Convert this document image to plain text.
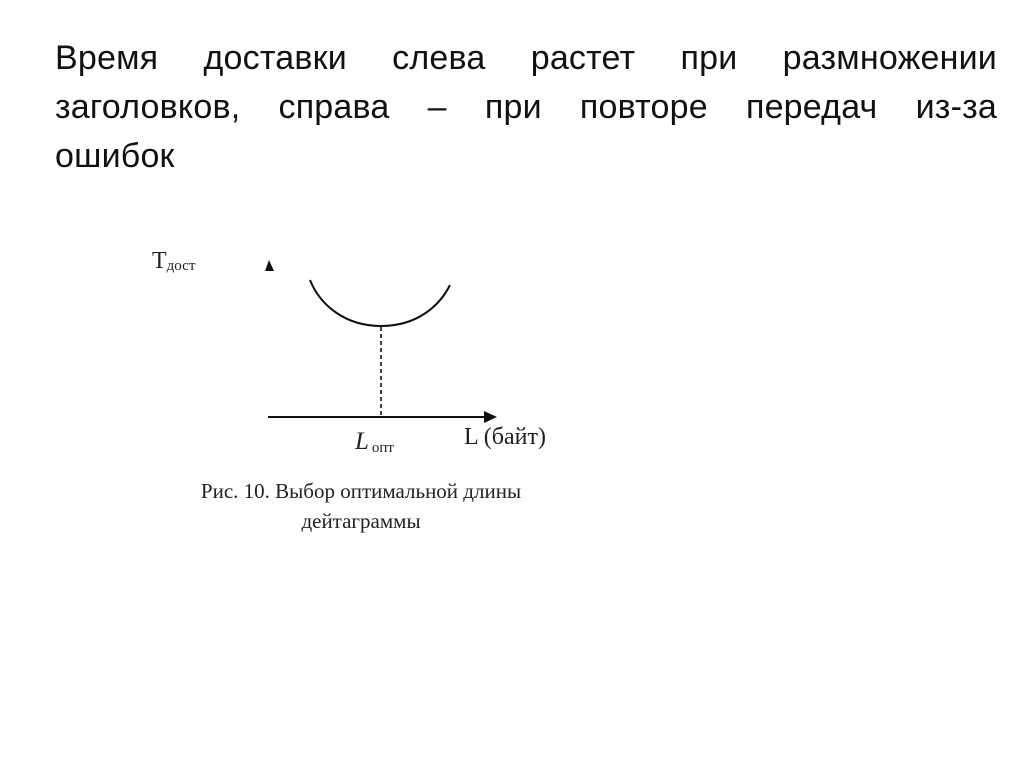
Время доставки слева растет при размножении
заголовков, справа – при повторе передач из-за
ошибок

Tдост
Lопт	L (байт)

Рис. 10. Выбор оптимальной длины
дейтаграммы
